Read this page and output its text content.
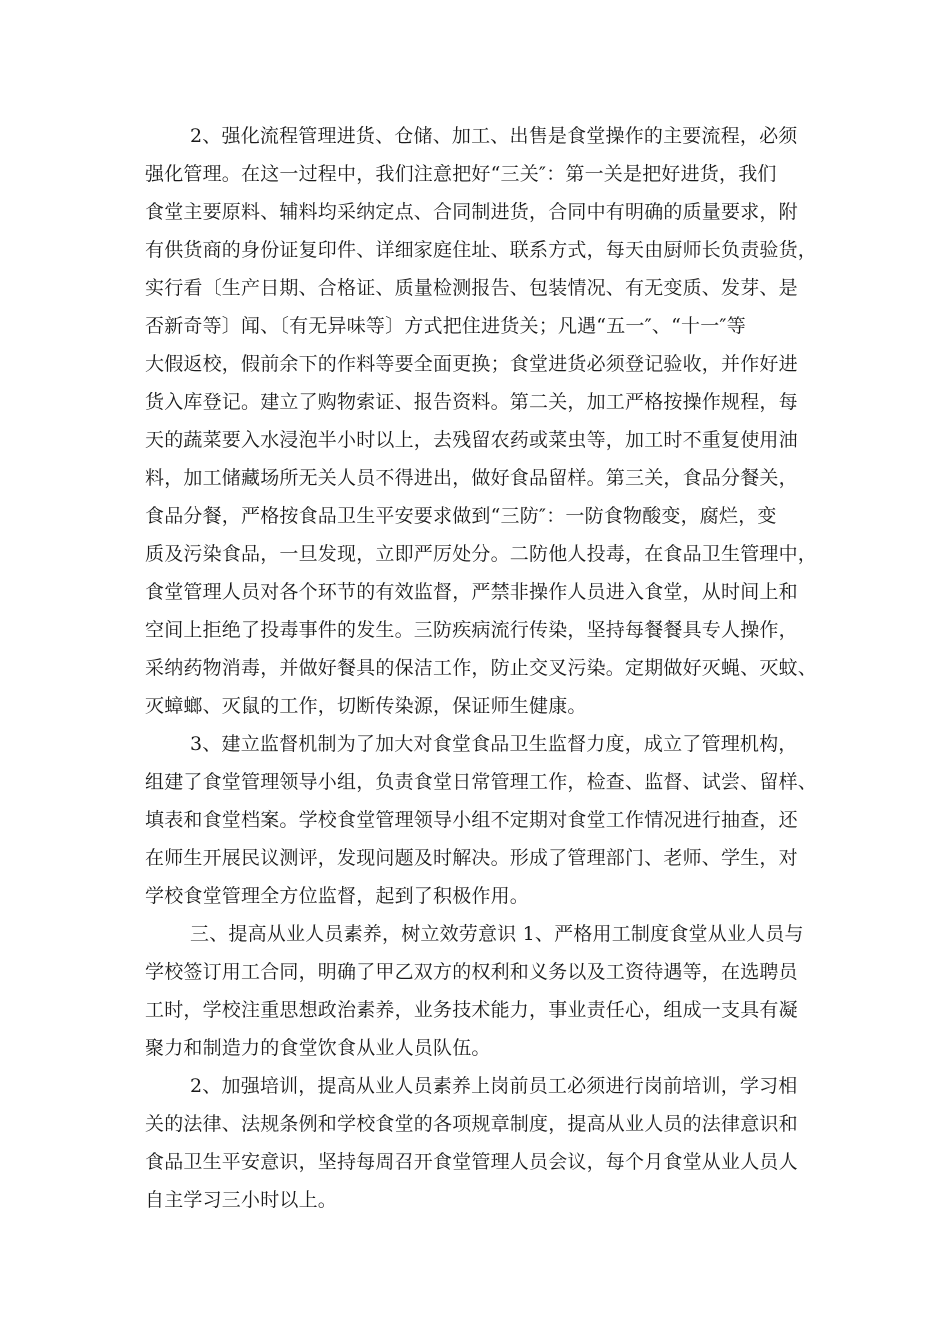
2、强化流程管理进货、仓储、加工、出售是食堂操作的主要流程，必须
强化管理。在这一过程中，我们注意把好“三关″：第一关是把好进货，我们
食堂主要原料、辅料均采纳定点、合同制进货，合同中有明确的质量要求，附
有供货商的身份证复印件、详细家庭住址、联系方式，每天由厨师长负责验货，
实行看〔生产日期、合格证、质量检测报告、包装情况、有无变质、发芽、是
否新奇等〕闻、〔有无异味等〕方式把住进货关；凡遇“五一″、“十一″等
大假返校，假前余下的作料等要全面更换；食堂进货必须登记验收，并作好进
货入库登记。建立了购物索证、报告资料。第二关，加工严格按操作规程，每
天的蔬菜要入水浸泡半小时以上，去残留农药或菜虫等，加工时不重复使用油
料，加工储藏场所无关人员不得进出，做好食品留样。第三关，食品分餐关，
食品分餐，严格按食品卫生平安要求做到“三防″：一防食物酸变，腐烂，变
质及污染食品，一旦发现，立即严厉处分。二防他人投毒，在食品卫生管理中，
食堂管理人员对各个环节的有效监督，严禁非操作人员进入食堂，从时间上和
空间上拒绝了投毒事件的发生。三防疾病流行传染，坚持每餐餐具专人操作，
采纳药物消毒，并做好餐具的保洁工作，防止交叉污染。定期做好灭蝇、灭蚊、
灭蟑螂、灭鼠的工作，切断传染源，保证师生健康。
3、建立监督机制为了加大对食堂食品卫生监督力度，成立了管理机构，
组建了食堂管理领导小组，负责食堂日常管理工作，检查、监督、试尝、留样、
填表和食堂档案。学校食堂管理领导小组不定期对食堂工作情况进行抽查，还
在师生开展民议测评，发现问题及时解决。形成了管理部门、老师、学生，对
学校食堂管理全方位监督，起到了积极作用。
三、提高从业人员素养，树立效劳意识 1、严格用工制度食堂从业人员与
学校签订用工合同，明确了甲乙双方的权利和义务以及工资待遇等，在选聘员
工时，学校注重思想政治素养，业务技术能力，事业责任心，组成一支具有凝
聚力和制造力的食堂饮食从业人员队伍。
2、加强培训，提高从业人员素养上岗前员工必须进行岗前培训，学习相
关的法律、法规条例和学校食堂的各项规章制度，提高从业人员的法律意识和
食品卫生平安意识，坚持每周召开食堂管理人员会议，每个月食堂从业人员人
自主学习三小时以上。
